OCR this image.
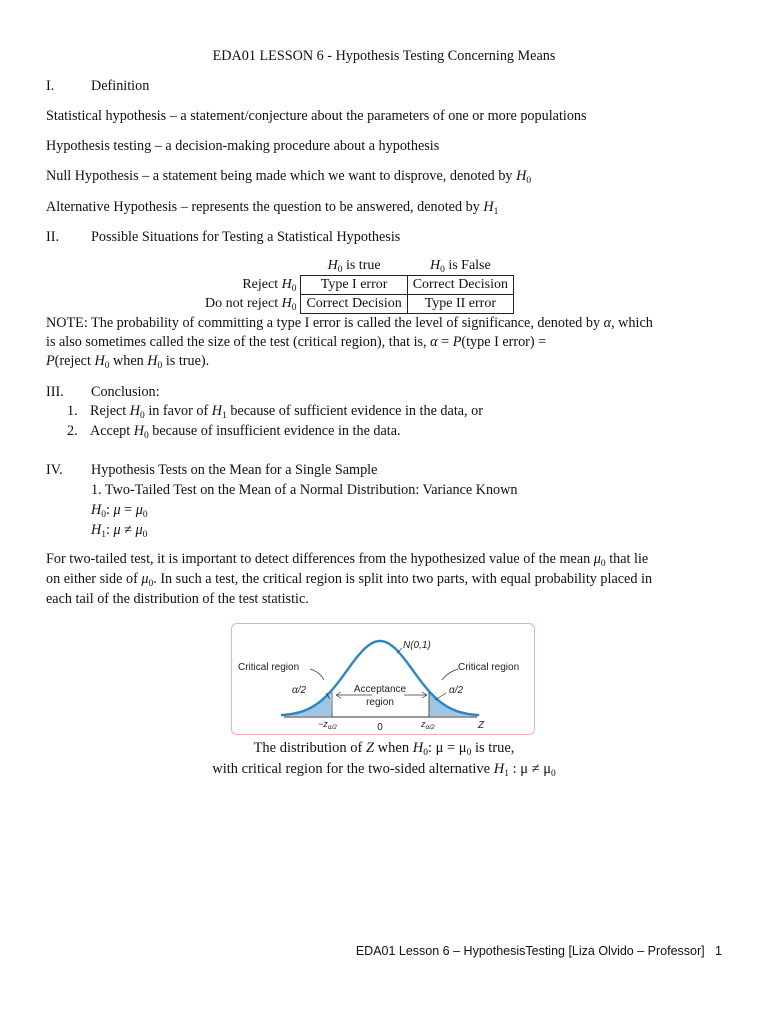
EDA01 LESSON 6 - Hypothesis Testing Concerning Means
I.	Definition
Statistical hypothesis – a statement/conjecture about the parameters of one or more populations
Hypothesis testing – a decision-making procedure about a hypothesis
Null Hypothesis – a statement being made which we want to disprove, denoted by $H_0$
Alternative Hypothesis – represents the question to be answered, denoted by $H_1$
II. Possible Situations for Testing a Statistical Hypothesis
	$H_0$ is true	$H_0$ is False
Reject $H_0$	Type I error	Correct Decision
Do not reject $H_0$	Correct Decision	Type II error
NOTE: The probability of committing a type I error is called the level of significance, denoted by α, which
is also sometimes called the size of the test (critical region), that is, α = P(type I error) =
P(reject $H_0$ when $H_0$ is true).
III. Conclusion:
1. Reject $H_0$ in favor of $H_1$ because of sufficient evidence in the data, or
2. Accept $H_0$ because of insufficient evidence in the data.
IV. Hypothesis Tests on the Mean for a Single Sample
1. Two-Tailed Test on the Mean of a Normal Distribution: Variance Known
$H_0$: $\mu = \mu_0$
$H_1$: $\mu \ne \mu_0$
For two-tailed test, it is important to detect differences from the hypothesized value of the mean $\mu_0$ that lie
on either side of $\mu_0$. In such a test, the critical region is split into two parts, with equal probability placed in
each tail of the distribution of the test statistic.
N(0,1)
Critical region	Critical region
α/2	α/2
Acceptance
region
0	Z
$-z_{\alpha/2}$	$z_{\alpha/2}$
The distribution of Z when $H_0$: $\mu = \mu_0$ is true,
with critical region for the two-sided alternative $H_1$ : $\mu \ne \mu_0$
EDA01 Lesson 6 – HypothesisTesting [Liza Olvido – Professor] 1
